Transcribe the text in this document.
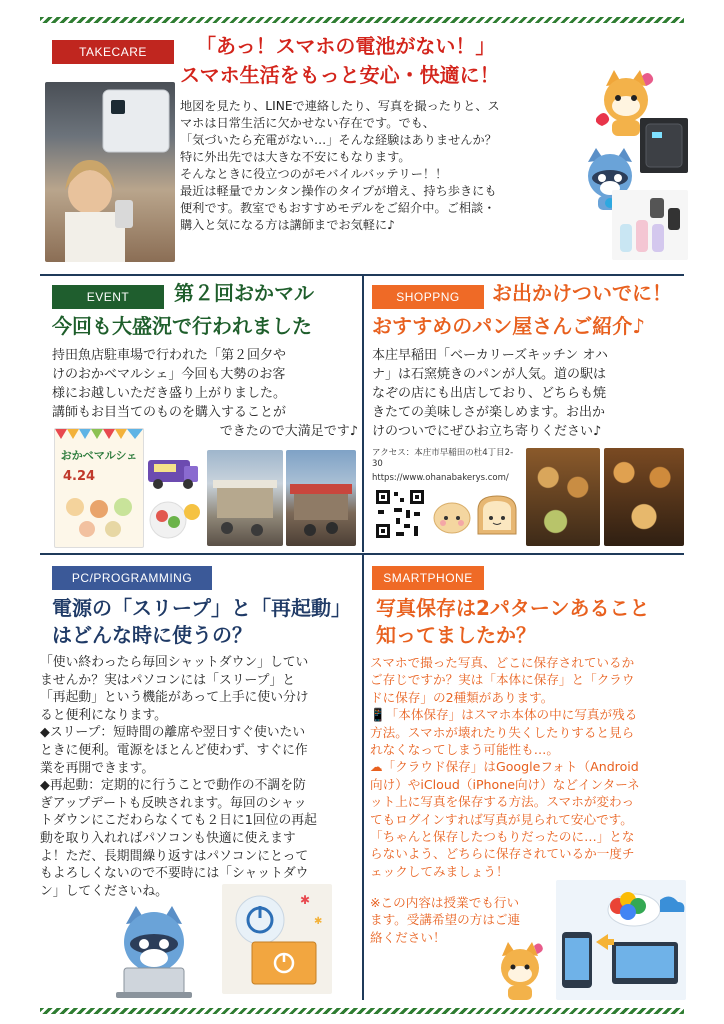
TAKECARE 「あっ！スマホの電池がない！」
スマホ生活をもっと安心・快適に！

地図を見たり、LINEで連絡したり、写真を撮ったりと、ス

マホは日常生活に欠かせない存在です。でも、

「気づいたら充電がない…」そんな経験はありませんか？

特に外出先では大きな不安にもなります。

そんなときに役立つのがモバイルバッテリー！！

最近は軽量でカンタン操作のタイプが増え、持ち歩きにも

便利です。教室でもおすすめモデルをご紹介中。ご相談・

購入と気になる方は講師までお気軽に♪

EVENT 第２回おかマル
今回も大盛況で行われました

持田魚店駐車場で行われた「第２回夕や

けのおかべマルシェ」今回も大勢のお客

様にお越しいただき盛り上がりました。

講師もお目当てのものを購入することが

できたので大満足です♪

おかべマルシェ
4.24
SHOPPNG お出かけついでに！
おすすめのパン屋さんご紹介♪

本庄早稲田「ベーカリーズキッチン オハ

ナ」は石窯焼きのパンが人気。道の駅は

なぞの店にも出店しており、どちらも焼

きたての美味しさが楽しめます。お出か

けのついでにぜひお立ち寄りください♪

アクセス：本庄市早稲田の杜4丁目2-
30
https://www.ohanabakerys.com/
PC/PROGRAMMING
電源の「スリープ」と「再起動」
はどんな時に使うの？

「使い終わったら毎回シャットダウン」してい

ませんか？実はパソコンには「スリープ」と

「再起動」という機能があって上手に使い分け

ると便利になります。

◆スリープ：短時間の離席や翌日すぐ使いたい

ときに便利。電源をほとんど使わず、すぐに作

業を再開できます。

◆再起動：定期的に行うことで動作の不調を防

ぎアップデートも反映されます。毎回のシャッ

トダウンにこだわらなくても２日に1回位の再起

動を取り入れればパソコンも快適に使えます

よ！ただ、長期間繰り返すはパソコンにとって

もよろしくないので不要時には「シャットダウ

ン」してくださいね。

✱
✱
SMARTPHONE
写真保存は2パターンあること
知ってましたか？

スマホで撮った写真、どこに保存されているか

ご存じですか？実は「本体に保存」と「クラウ

ドに保存」の2種類があります。

📱「本体保存」はスマホ本体の中に写真が残る

方法。スマホが壊れたり失くしたりすると見ら

れなくなってしまう可能性も…。

☁「クラウド保存」はGoogleフォト（Android

向け）やiCloud（iPhone向け）などインターネ

ット上に写真を保存する方法。スマホが変わっ

てもログインすれば写真が見られて安心です。

「ちゃんと保存したつもりだったのに…」とな

らないよう、どちらに保存されているか一度チ

ェックしてみましょう！

※この内容は授業でも行い

ます。受講希望の方はご連

絡ください！
